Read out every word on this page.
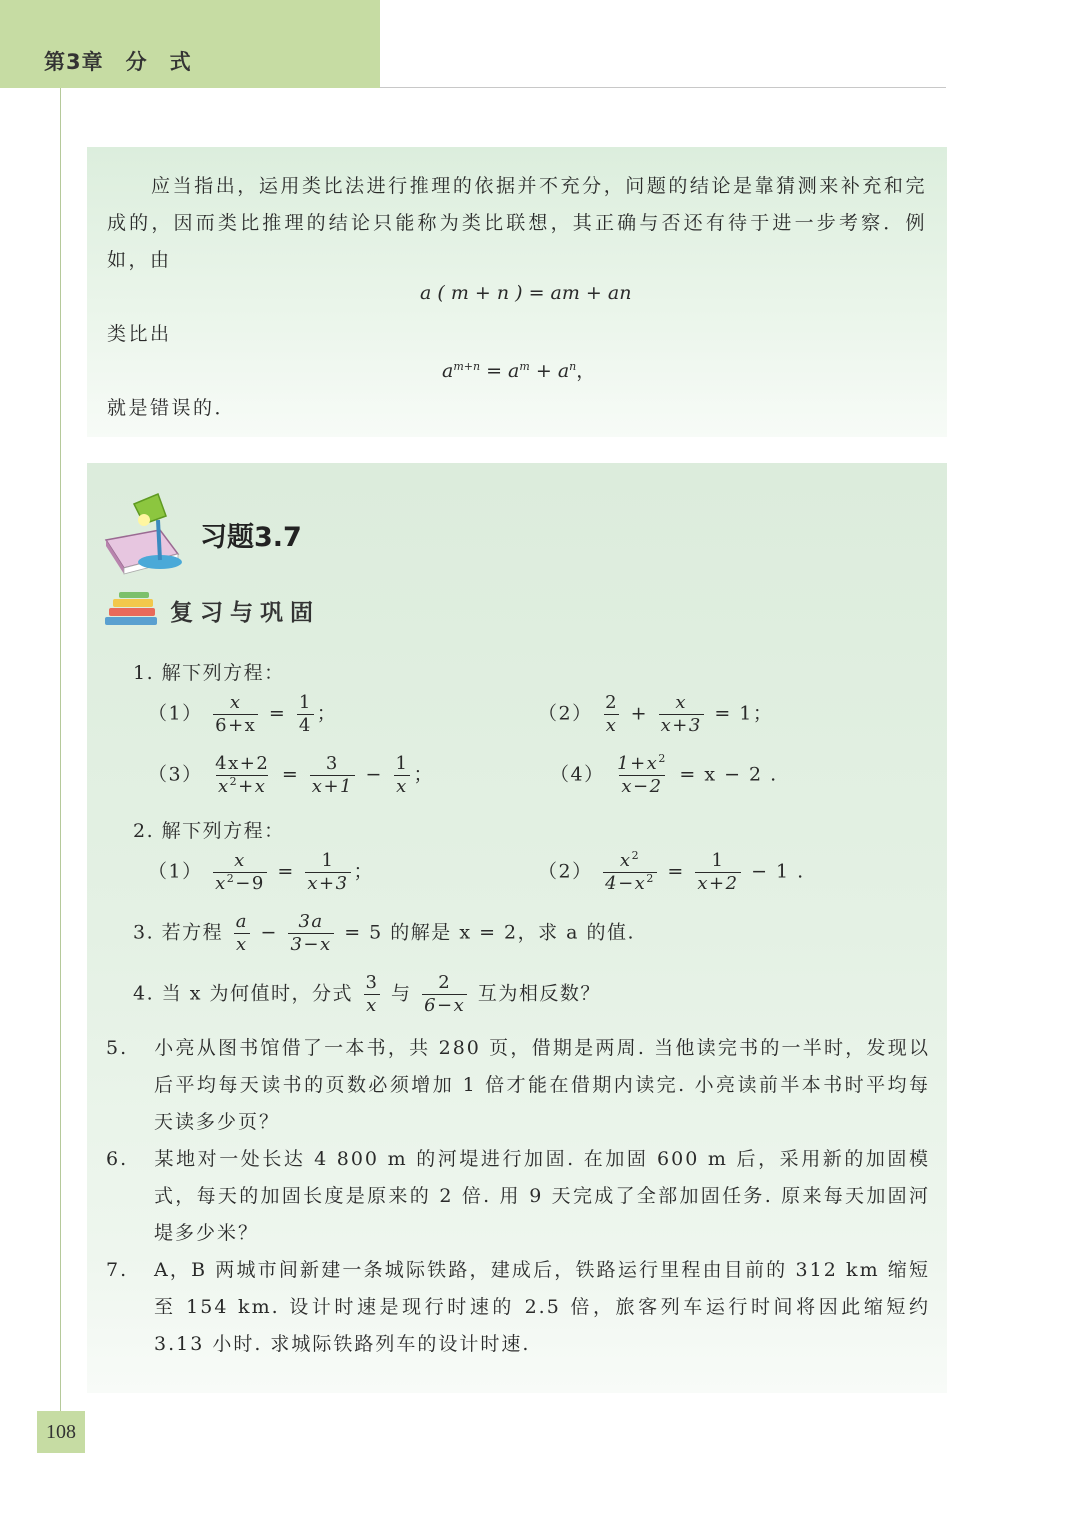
第3章　分　式
应当指出，运用类比法进行推理的依据并不充分，问题的结论是靠猜测来补充和完成的，因而类比推理的结论只能称为类比联想，其正确与否还有待于进一步考察．例如，由
a ( m + n ) = am + an
类比出
$a^{m+n} = a^m + a^n$，
就是错误的．
习题3.7
复习与巩固
1. 解下列方程：
$(1) \frac{x}{6+x} = \frac{1}{4}$ ；	$(2) \frac{2}{x} + \frac{x}{x+3} = 1$；
$(3) \frac{4x+2}{x^2+x} = \frac{3}{x+1} - \frac{1}{x}$ ；	$(4) \frac{1+x^2}{x-2} = x - 2$ .
2. 解下列方程：
$(1) \frac{x}{x^2-9} = \frac{1}{x+3}$ ；	$(2) \frac{x^2}{4-x^2} = \frac{1}{x+2} - 1$ .
3. 若方程 $\frac{a}{x} - \frac{3a}{3-x} = 5$ 的解是 x = 2，求 a 的值.
4. 当 x 为何值时，分式 $\frac{3}{x}$ 与 $\frac{2}{6-x}$ 互为相反数？
5. 小亮从图书馆借了一本书，共 280 页，借期是两周. 当他读完书的一半时，发现以后平均每天读书的页数必须增加 1 倍才能在借期内读完. 小亮读前半本书时平均每天读多少页？
6. 某地对一处长达 4 800 m 的河堤进行加固. 在加固 600 m 后，采用新的加固模式，每天的加固长度是原来的 2 倍. 用 9 天完成了全部加固任务. 原来每天加固河堤多少米？
7. A，B 两城市间新建一条城际铁路，建成后，铁路运行里程由目前的 312 km 缩短至 154 km. 设计时速是现行时速的 2.5 倍，旅客列车运行时间将因此缩短约 3.13 小时. 求城际铁路列车的设计时速.
108
